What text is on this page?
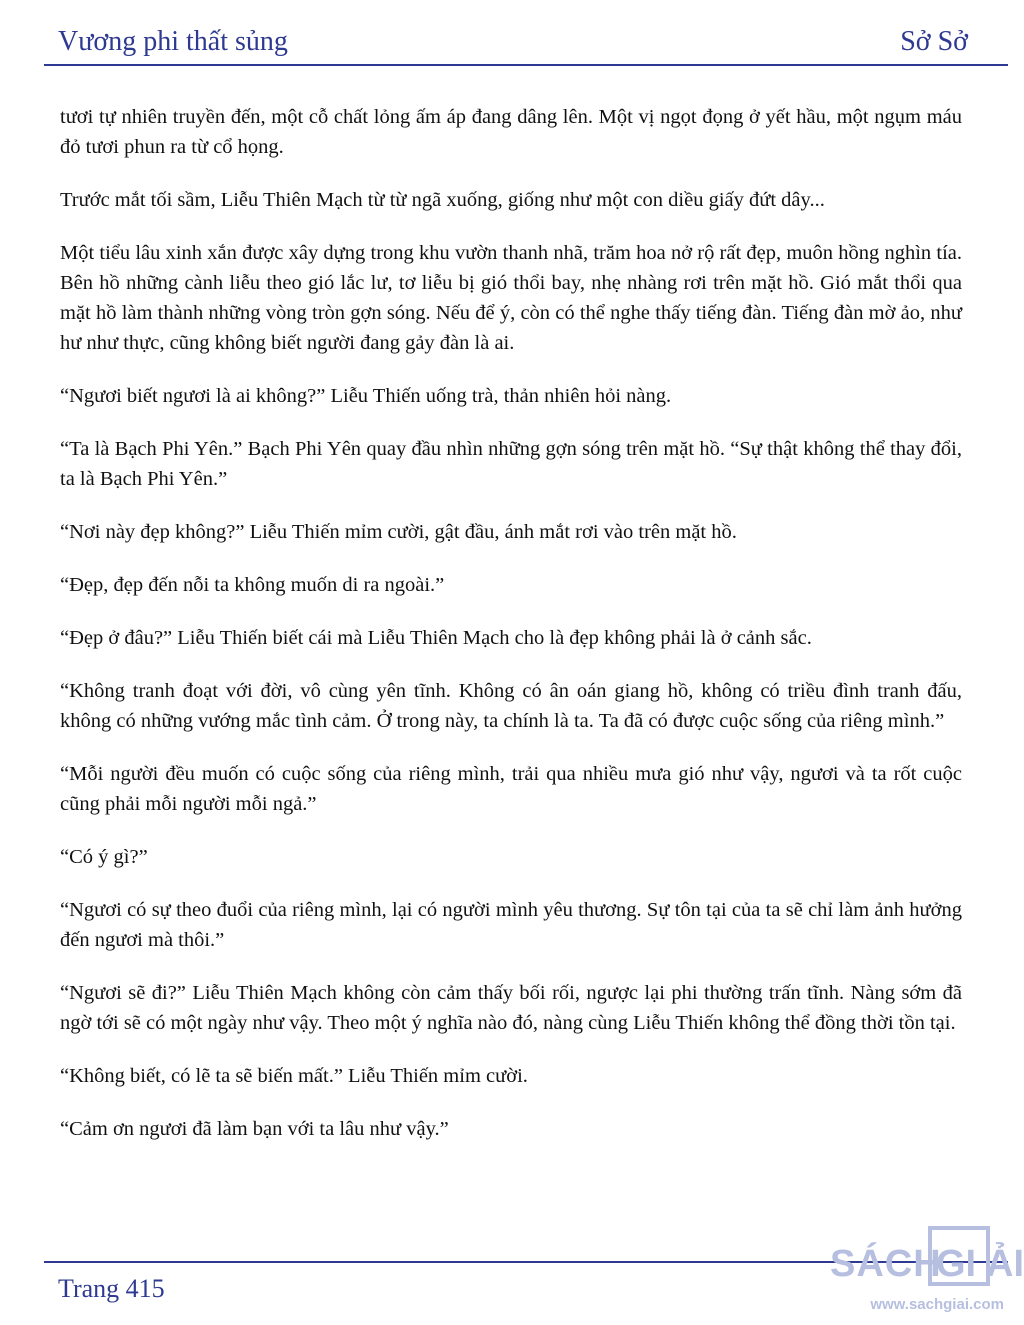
Vương phi thất sủng	Sở Sở

tươi tự nhiên truyền đến, một cỗ chất lỏng ấm áp đang dâng lên. Một vị ngọt đọng ở yết hầu, một ngụm máu đỏ tươi phun ra từ cổ họng.

Trước mắt tối sầm, Liễu Thiên Mạch từ từ ngã xuống, giống như một con diều giấy đứt dây...

Một tiểu lâu xinh xắn được xây dựng trong khu vườn thanh nhã, trăm hoa nở rộ rất đẹp, muôn hồng nghìn tía. Bên hồ những cành liễu theo gió lắc lư, tơ liễu bị gió thổi bay, nhẹ nhàng rơi trên mặt hồ. Gió mắt thổi qua mặt hồ làm thành những vòng tròn gợn sóng. Nếu để ý, còn có thể nghe thấy tiếng đàn. Tiếng đàn mờ ảo, như hư như thực, cũng không biết người đang gảy đàn là ai.

“Ngươi biết ngươi là ai không?” Liễu Thiến uống trà, thản nhiên hỏi nàng.

“Ta là Bạch Phi Yên.” Bạch Phi Yên quay đầu nhìn những gợn sóng trên mặt hồ. “Sự thật không thể thay đổi, ta là Bạch Phi Yên.”

“Nơi này đẹp không?” Liễu Thiến mỉm cười, gật đầu, ánh mắt rơi vào trên mặt hồ.

“Đẹp, đẹp đến nỗi ta không muốn di ra ngoài.”

“Đẹp ở đâu?” Liễu Thiến biết cái mà Liễu Thiên Mạch cho là đẹp không phải là ở cảnh sắc.

“Không tranh đoạt với đời, vô cùng yên tĩnh. Không có ân oán giang hồ, không có triều đình tranh đấu, không có những vướng mắc tình cảm. Ở trong này, ta chính là ta. Ta đã có được cuộc sống của riêng mình.”

“Mỗi người đều muốn có cuộc sống của riêng mình, trải qua nhiều mưa gió như vậy, ngươi và ta rốt cuộc cũng phải mỗi người mỗi ngả.”

“Có ý gì?”

“Ngươi có sự theo đuổi của riêng mình, lại có người mình yêu thương. Sự tôn tại của ta sẽ chỉ làm ảnh hưởng đến ngươi mà thôi.”

“Ngươi sẽ đi?” Liễu Thiên Mạch không còn cảm thấy bối rối, ngược lại phi thường trấn tĩnh. Nàng sớm đã ngờ tới sẽ có một ngày như vậy. Theo một ý nghĩa nào đó, nàng cùng Liễu Thiến không thể đồng thời tồn tại.

“Không biết, có lẽ ta sẽ biến mất.” Liễu Thiến mỉm cười.

“Cảm ơn ngươi đã làm bạn với ta lâu như vậy.”

Trang 415
SÁCH
GI ẢI
www.sachgiai.com
